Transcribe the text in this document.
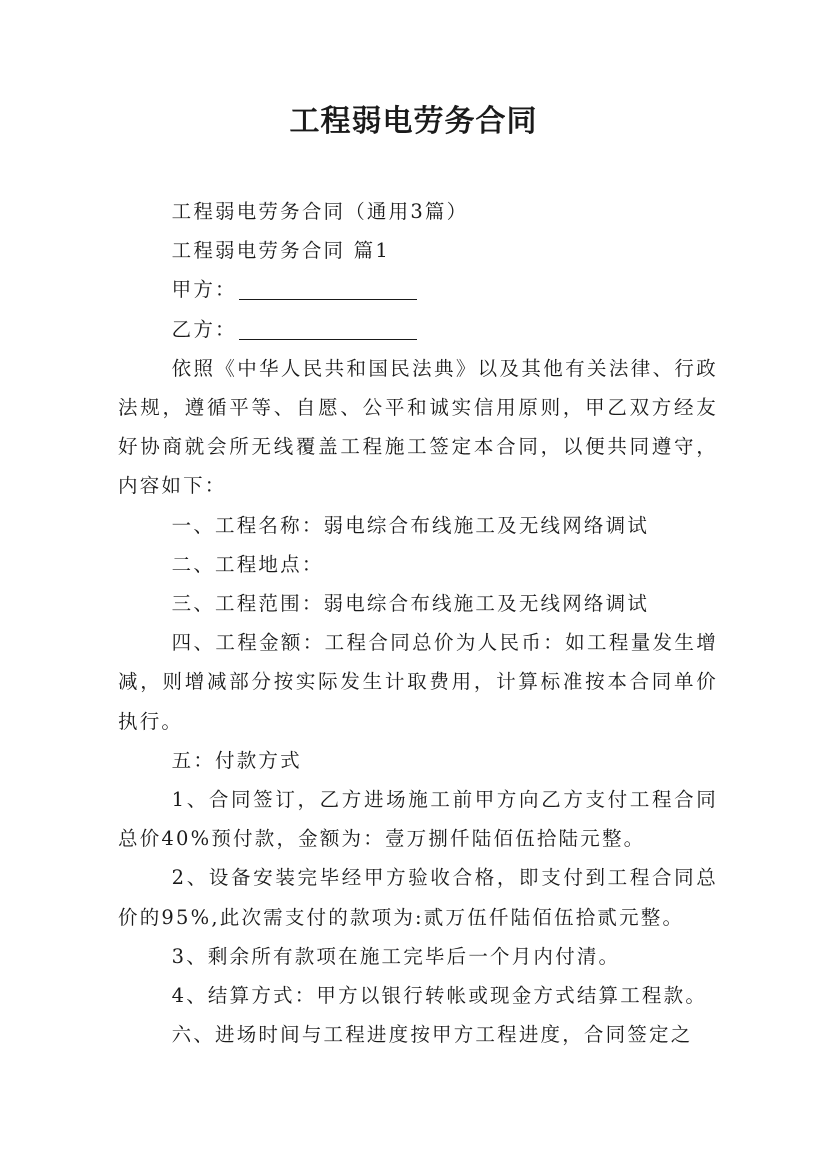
工程弱电劳务合同

工程弱电劳务合同（通用3篇）

工程弱电劳务合同 篇1

甲方：

乙方：

依照《中华人民共和国民法典》以及其他有关法律、行政法规，遵循平等、自愿、公平和诚实信用原则，甲乙双方经友好协商就会所无线覆盖工程施工签定本合同，以便共同遵守，内容如下：

一、工程名称：弱电综合布线施工及无线网络调试

二、工程地点：

三、工程范围：弱电综合布线施工及无线网络调试

四、工程金额：工程合同总价为人民币：如工程量发生增减，则增减部分按实际发生计取费用，计算标准按本合同单价执行。

五：付款方式

1、合同签订，乙方进场施工前甲方向乙方支付工程合同总价40%预付款，金额为：壹万捌仟陆佰伍拾陆元整。

2、设备安装完毕经甲方验收合格，即支付到工程合同总价的95%,此次需支付的款项为:贰万伍仟陆佰伍拾贰元整。

3、剩余所有款项在施工完毕后一个月内付清。

4、结算方式：甲方以银行转帐或现金方式结算工程款。

六、进场时间与工程进度按甲方工程进度，合同签定之
